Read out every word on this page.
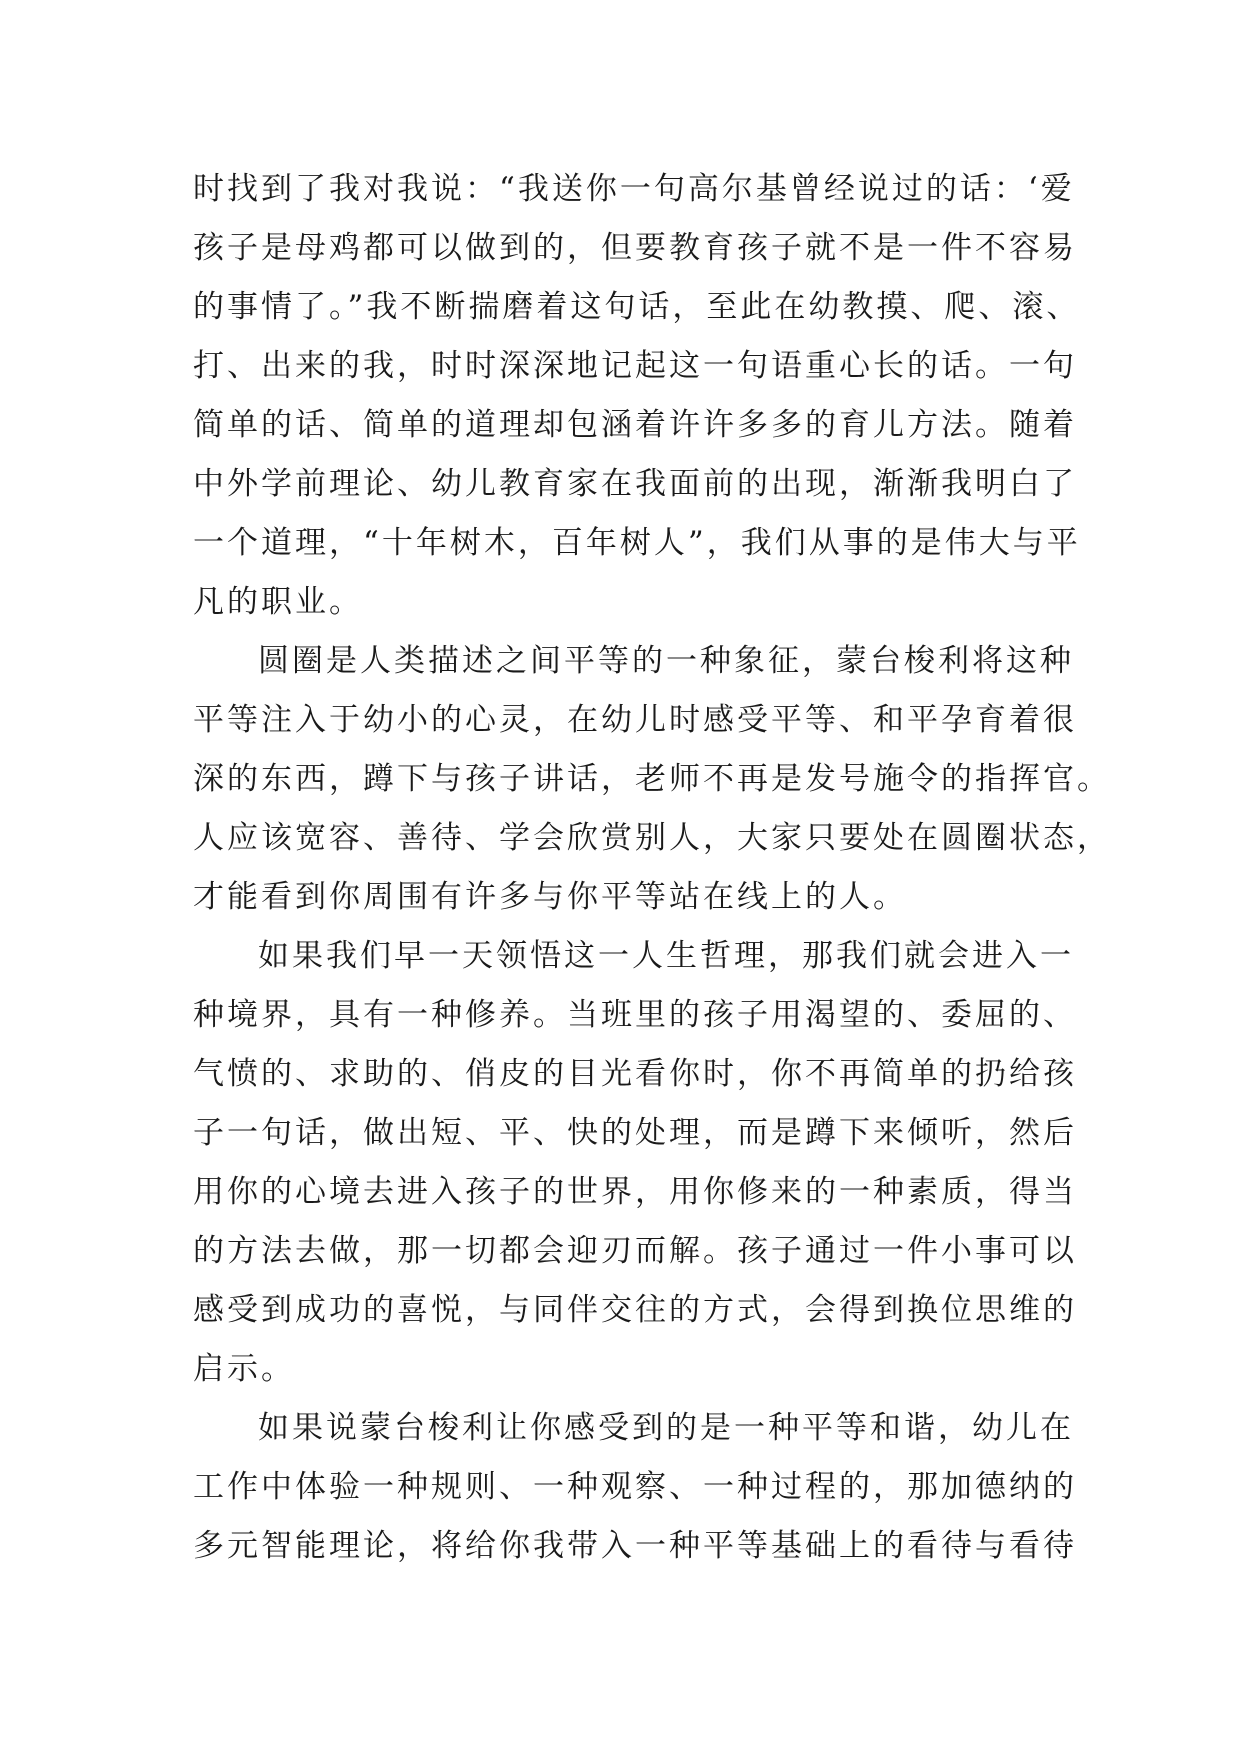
时找到了我对我说：“我送你一句高尔基曾经说过的话：‘爱
孩子是母鸡都可以做到的，但要教育孩子就不是一件不容易
的事情了。”我不断揣磨着这句话，至此在幼教摸、爬、滚、
打、出来的我，时时深深地记起这一句语重心长的话。一句
简单的话、简单的道理却包涵着许许多多的育儿方法。随着
中外学前理论、幼儿教育家在我面前的出现，渐渐我明白了
一个道理，“十年树木，百年树人”，我们从事的是伟大与平
凡的职业。
圆圈是人类描述之间平等的一种象征，蒙台梭利将这种
平等注入于幼小的心灵，在幼儿时感受平等、和平孕育着很
深的东西，蹲下与孩子讲话，老师不再是发号施令的指挥官。
人应该宽容、善待、学会欣赏别人，大家只要处在圆圈状态，
才能看到你周围有许多与你平等站在线上的人。
如果我们早一天领悟这一人生哲理，那我们就会进入一
种境界，具有一种修养。当班里的孩子用渴望的、委屈的、
气愤的、求助的、俏皮的目光看你时，你不再简单的扔给孩
子一句话，做出短、平、快的处理，而是蹲下来倾听，然后
用你的心境去进入孩子的世界，用你修来的一种素质，得当
的方法去做，那一切都会迎刃而解。孩子通过一件小事可以
感受到成功的喜悦，与同伴交往的方式，会得到换位思维的
启示。
如果说蒙台梭利让你感受到的是一种平等和谐，幼儿在
工作中体验一种规则、一种观察、一种过程的，那加德纳的
多元智能理论，将给你我带入一种平等基础上的看待与看待
